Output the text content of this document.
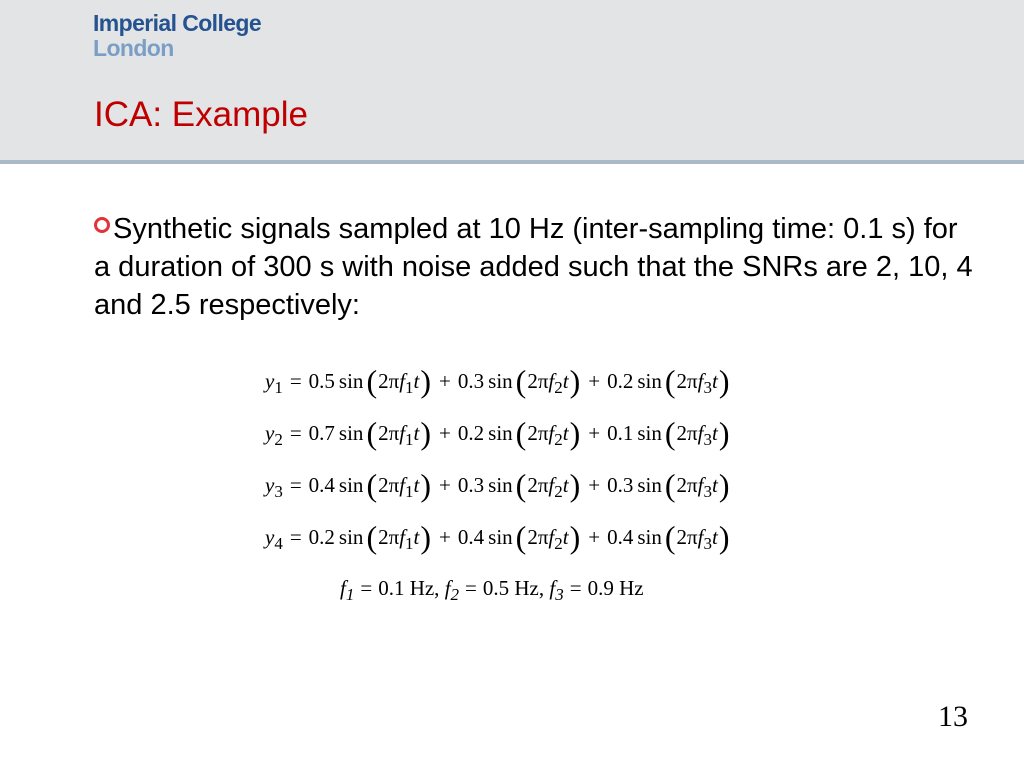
Imperial College
London
ICA: Example
Synthetic signals sampled at 10 Hz (inter-sampling time: 0.1 s) for a duration of 300 s with noise added such that the SNRs are 2, 10, 4 and 2.5 respectively:
$y_1 = 0.5$ sin ( 2π $f_1$ t ) + 0.3 sin ( 2π $f_2$ t ) + 0.2 sin ( 2π $f_3$ t )
$y_2 = 0.7$ sin ( 2π $f_1$ t ) + 0.2 sin ( 2π $f_2$ t ) + 0.1 sin ( 2π $f_3$ t )
$y_3 = 0.4$ sin ( 2π $f_1$ t ) + 0.3 sin ( 2π $f_2$ t ) + 0.3 sin ( 2π $f_3$ t )
$y_4 = 0.2$ sin ( 2π $f_1$ t ) + 0.4 sin ( 2π $f_2$ t ) + 0.4 sin ( 2π $f_3$ t )
$f_1 = 0.1$ Hz,
$f_2 = 0.5$ Hz,
$f_3 = 0.9$ Hz
13
